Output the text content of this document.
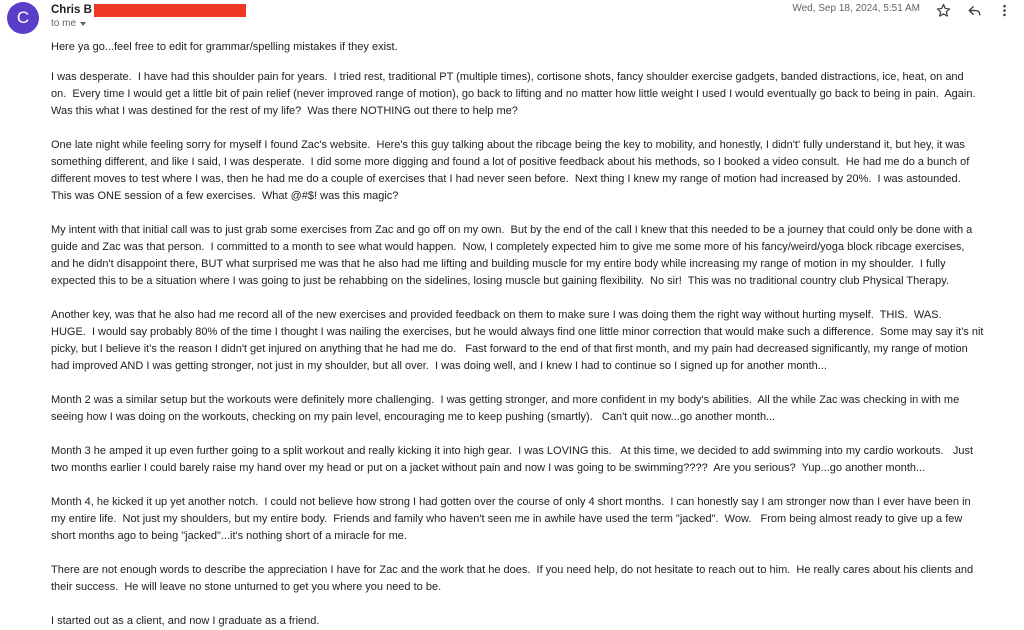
C	Chris B
to me
Wed, Sep 18, 2024, 5:51 AM

Here ya go...feel free to edit for grammar/spelling mistakes if they exist.

I was desperate.  I have had this shoulder pain for years.  I tried rest, traditional PT (multiple times), cortisone shots, fancy shoulder exercise gadgets, banded distractions, ice, heat, on and
on.  Every time I would get a little bit of pain relief (never improved range of motion), go back to lifting and no matter how little weight I used I would eventually go back to being in pain.  Again.
Was this what I was destined for the rest of my life?  Was there NOTHING out there to help me?

One late night while feeling sorry for myself I found Zac's website.  Here's this guy talking about the ribcage being the key to mobility, and honestly, I didn't' fully understand it, but hey, it was
something different, and like I said, I was desperate.  I did some more digging and found a lot of positive feedback about his methods, so I booked a video consult.  He had me do a bunch of
different moves to test where I was, then he had me do a couple of exercises that I had never seen before.  Next thing I knew my range of motion had increased by 20%.  I was astounded.
This was ONE session of a few exercises.  What @#$! was this magic?

My intent with that initial call was to just grab some exercises from Zac and go off on my own.  But by the end of the call I knew that this needed to be a journey that could only be done with a
guide and Zac was that person.  I committed to a month to see what would happen.  Now, I completely expected him to give me some more of his fancy/weird/yoga block ribcage exercises,
and he didn't disappoint there, BUT what surprised me was that he also had me lifting and building muscle for my entire body while increasing my range of motion in my shoulder.  I fully
expected this to be a situation where I was going to just be rehabbing on the sidelines, losing muscle but gaining flexibility.  No sir!  This was no traditional country club Physical Therapy.

Another key, was that he also had me record all of the new exercises and provided feedback on them to make sure I was doing them the right way without hurting myself.  THIS.  WAS.
HUGE.  I would say probably 80% of the time I thought I was nailing the exercises, but he would always find one little minor correction that would make such a difference.  Some may say it's nit
picky, but I believe it's the reason I didn't get injured on anything that he had me do.   Fast forward to the end of that first month, and my pain had decreased significantly, my range of motion
had improved AND I was getting stronger, not just in my shoulder, but all over.  I was doing well, and I knew I had to continue so I signed up for another month...

Month 2 was a similar setup but the workouts were definitely more challenging.  I was getting stronger, and more confident in my body's abilities.  All the while Zac was checking in with me
seeing how I was doing on the workouts, checking on my pain level, encouraging me to keep pushing (smartly).   Can't quit now...go another month...

Month 3 he amped it up even further going to a split workout and really kicking it into high gear.  I was LOVING this.   At this time, we decided to add swimming into my cardio workouts.   Just
two months earlier I could barely raise my hand over my head or put on a jacket without pain and now I was going to be swimming????  Are you serious?  Yup...go another month...

Month 4, he kicked it up yet another notch.  I could not believe how strong I had gotten over the course of only 4 short months.  I can honestly say I am stronger now than I ever have been in
my entire life.  Not just my shoulders, but my entire body.  Friends and family who haven't seen me in awhile have used the term "jacked".  Wow.   From being almost ready to give up a few
short months ago to being "jacked"...it's nothing short of a miracle for me.

There are not enough words to describe the appreciation I have for Zac and the work that he does.  If you need help, do not hesitate to reach out to him.  He really cares about his clients and
their success.  He will leave no stone unturned to get you where you need to be.

I started out as a client, and now I graduate as a friend.
